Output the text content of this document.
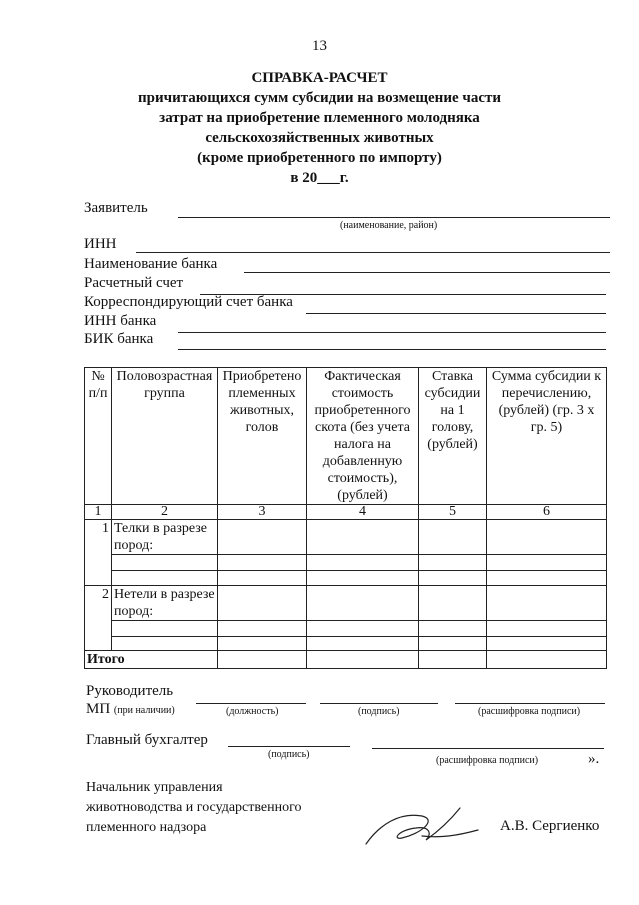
13
СПРАВКА-РАСЧЕТ
причитающихся сумм субсидии на возмещение части
затрат на приобретение племенного молодняка
сельскохозяйственных животных
(кроме приобретенного по импорту)
в 20___г.
Заявитель
(наименование, район)
ИНН
Наименование банка
Расчетный счет
Корреспондирующий счет банка
ИНН банка
БИК банка
№ п/п	Половозрастная группа	Приобретено племенных животных, голов	Фактическая стоимость приобретенного скота (без учета налога на добавленную стоимость), (рублей)	Ставка субсидии на 1 голову, (рублей)	Сумма субсидии к перечислению, (рублей) (гр. 3 x гр. 5)
1	2	3	4	5	6
1	Телки в разрезе пород:				

2	Нетели в разрезе пород:				

Итого					
Руководитель
МП (при наличии)	(должность)	(подпись)	(расшифровка подписи)
Главный бухгалтер
(подпись)
(расшифровка подписи)	».
Начальник управления
животноводства и государственного
племенного надзора	А.В. Сергиенко
